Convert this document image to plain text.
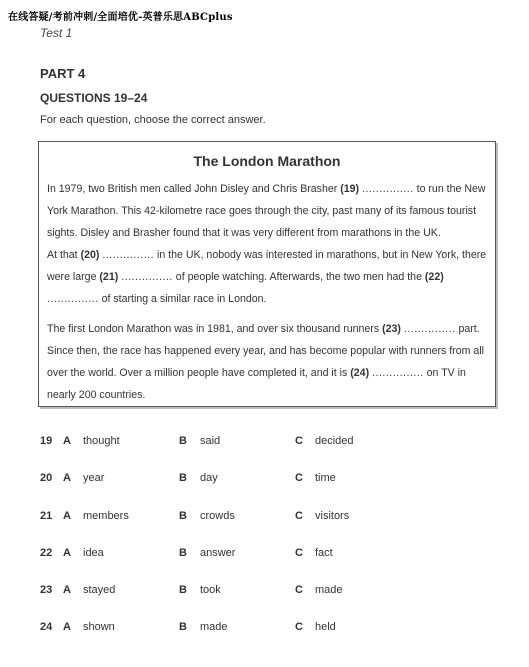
在线答疑/考前冲刺/全面培优-英普乐思ABCplus
Test 1
PART 4
QUESTIONS 19–24
For each question, choose the correct answer.
The London Marathon

In 1979, two British men called John Disley and Chris Brasher (19) ............... to run the New York Marathon. This 42-kilometre race goes through the city, past many of its famous tourist sights. Disley and Brasher found that it was very different from marathons in the UK.

At that (20) ............... in the UK, nobody was interested in marathons, but in New York, there were large (21) ............... of people watching. Afterwards, the two men had the (22) ............... of starting a similar race in London.

The first London Marathon was in 1981, and over six thousand runners (23) ............... part. Since then, the race has happened every year, and has become popular with runners from all over the world. Over a million people have completed it, and it is (24) ............... on TV in nearly 200 countries.

19 A thought	B said	C decided
20 A year	B day	C time
21 A members	B crowds	C visitors
22 A idea	B answer	C fact
23 A stayed	B took	C made
24 A shown	B made	C held
